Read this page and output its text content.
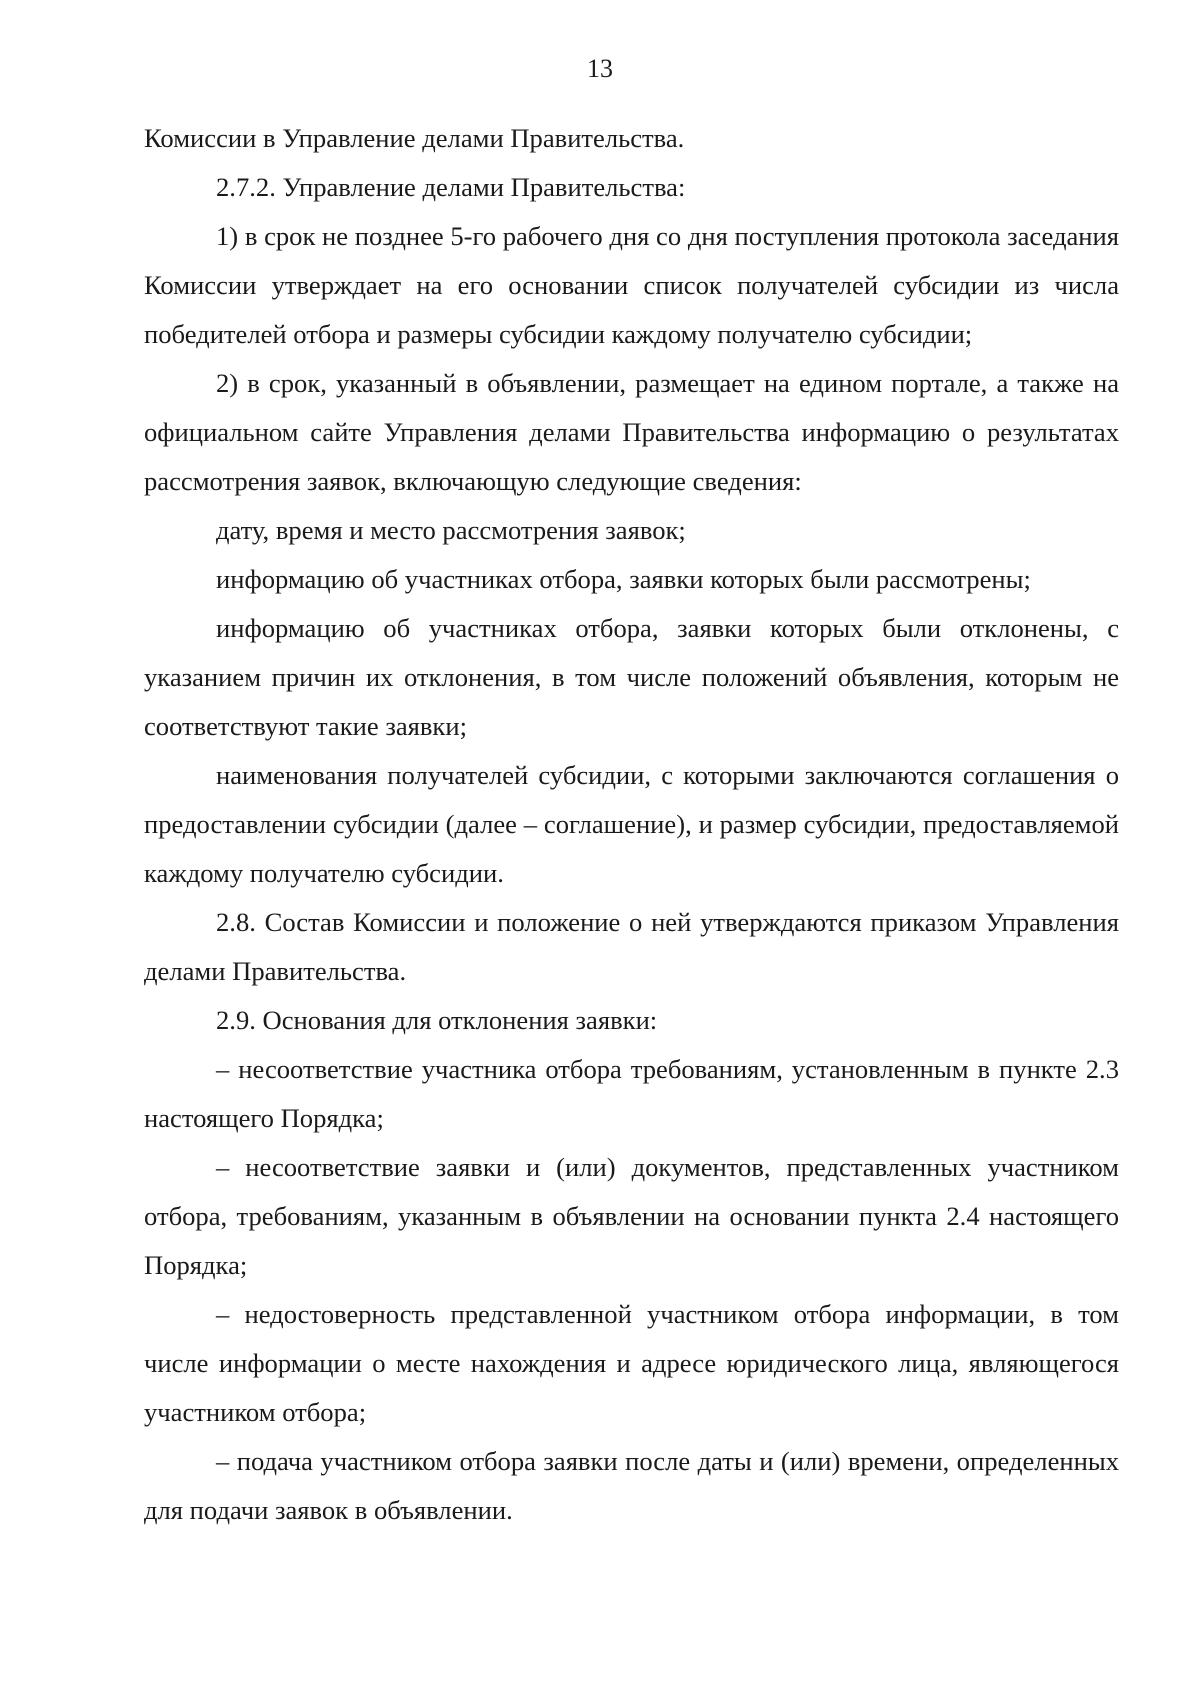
13

Комиссии в Управление делами Правительства.

2.7.2. Управление делами Правительства:

1) в срок не позднее 5-го рабочего дня со дня поступления протокола заседания Комиссии утверждает на его основании список получателей субсидии из числа победителей отбора и размеры субсидии каждому получателю субсидии;

2) в срок, указанный в объявлении, размещает на едином портале, а также на официальном сайте Управления делами Правительства информацию о результатах рассмотрения заявок, включающую следующие сведения:

дату, время и место рассмотрения заявок;

информацию об участниках отбора, заявки которых были рассмотрены;

информацию об участниках отбора, заявки которых были отклонены, с указанием причин их отклонения, в том числе положений объявления, которым не соответствуют такие заявки;

наименования получателей субсидии, с которыми заключаются соглашения о предоставлении субсидии (далее – соглашение), и размер субсидии, предоставляемой каждому получателю субсидии.

2.8. Состав Комиссии и положение о ней утверждаются приказом Управления делами Правительства.

2.9. Основания для отклонения заявки:

– несоответствие участника отбора требованиям, установленным в пункте 2.3 настоящего Порядка;

– несоответствие заявки и (или) документов, представленных участником отбора, требованиям, указанным в объявлении на основании пункта 2.4 настоящего Порядка;

– недостоверность представленной участником отбора информации, в том числе информации о месте нахождения и адресе юридического лица, являющегося участником отбора;

– подача участником отбора заявки после даты и (или) времени, определенных для подачи заявок в объявлении.
